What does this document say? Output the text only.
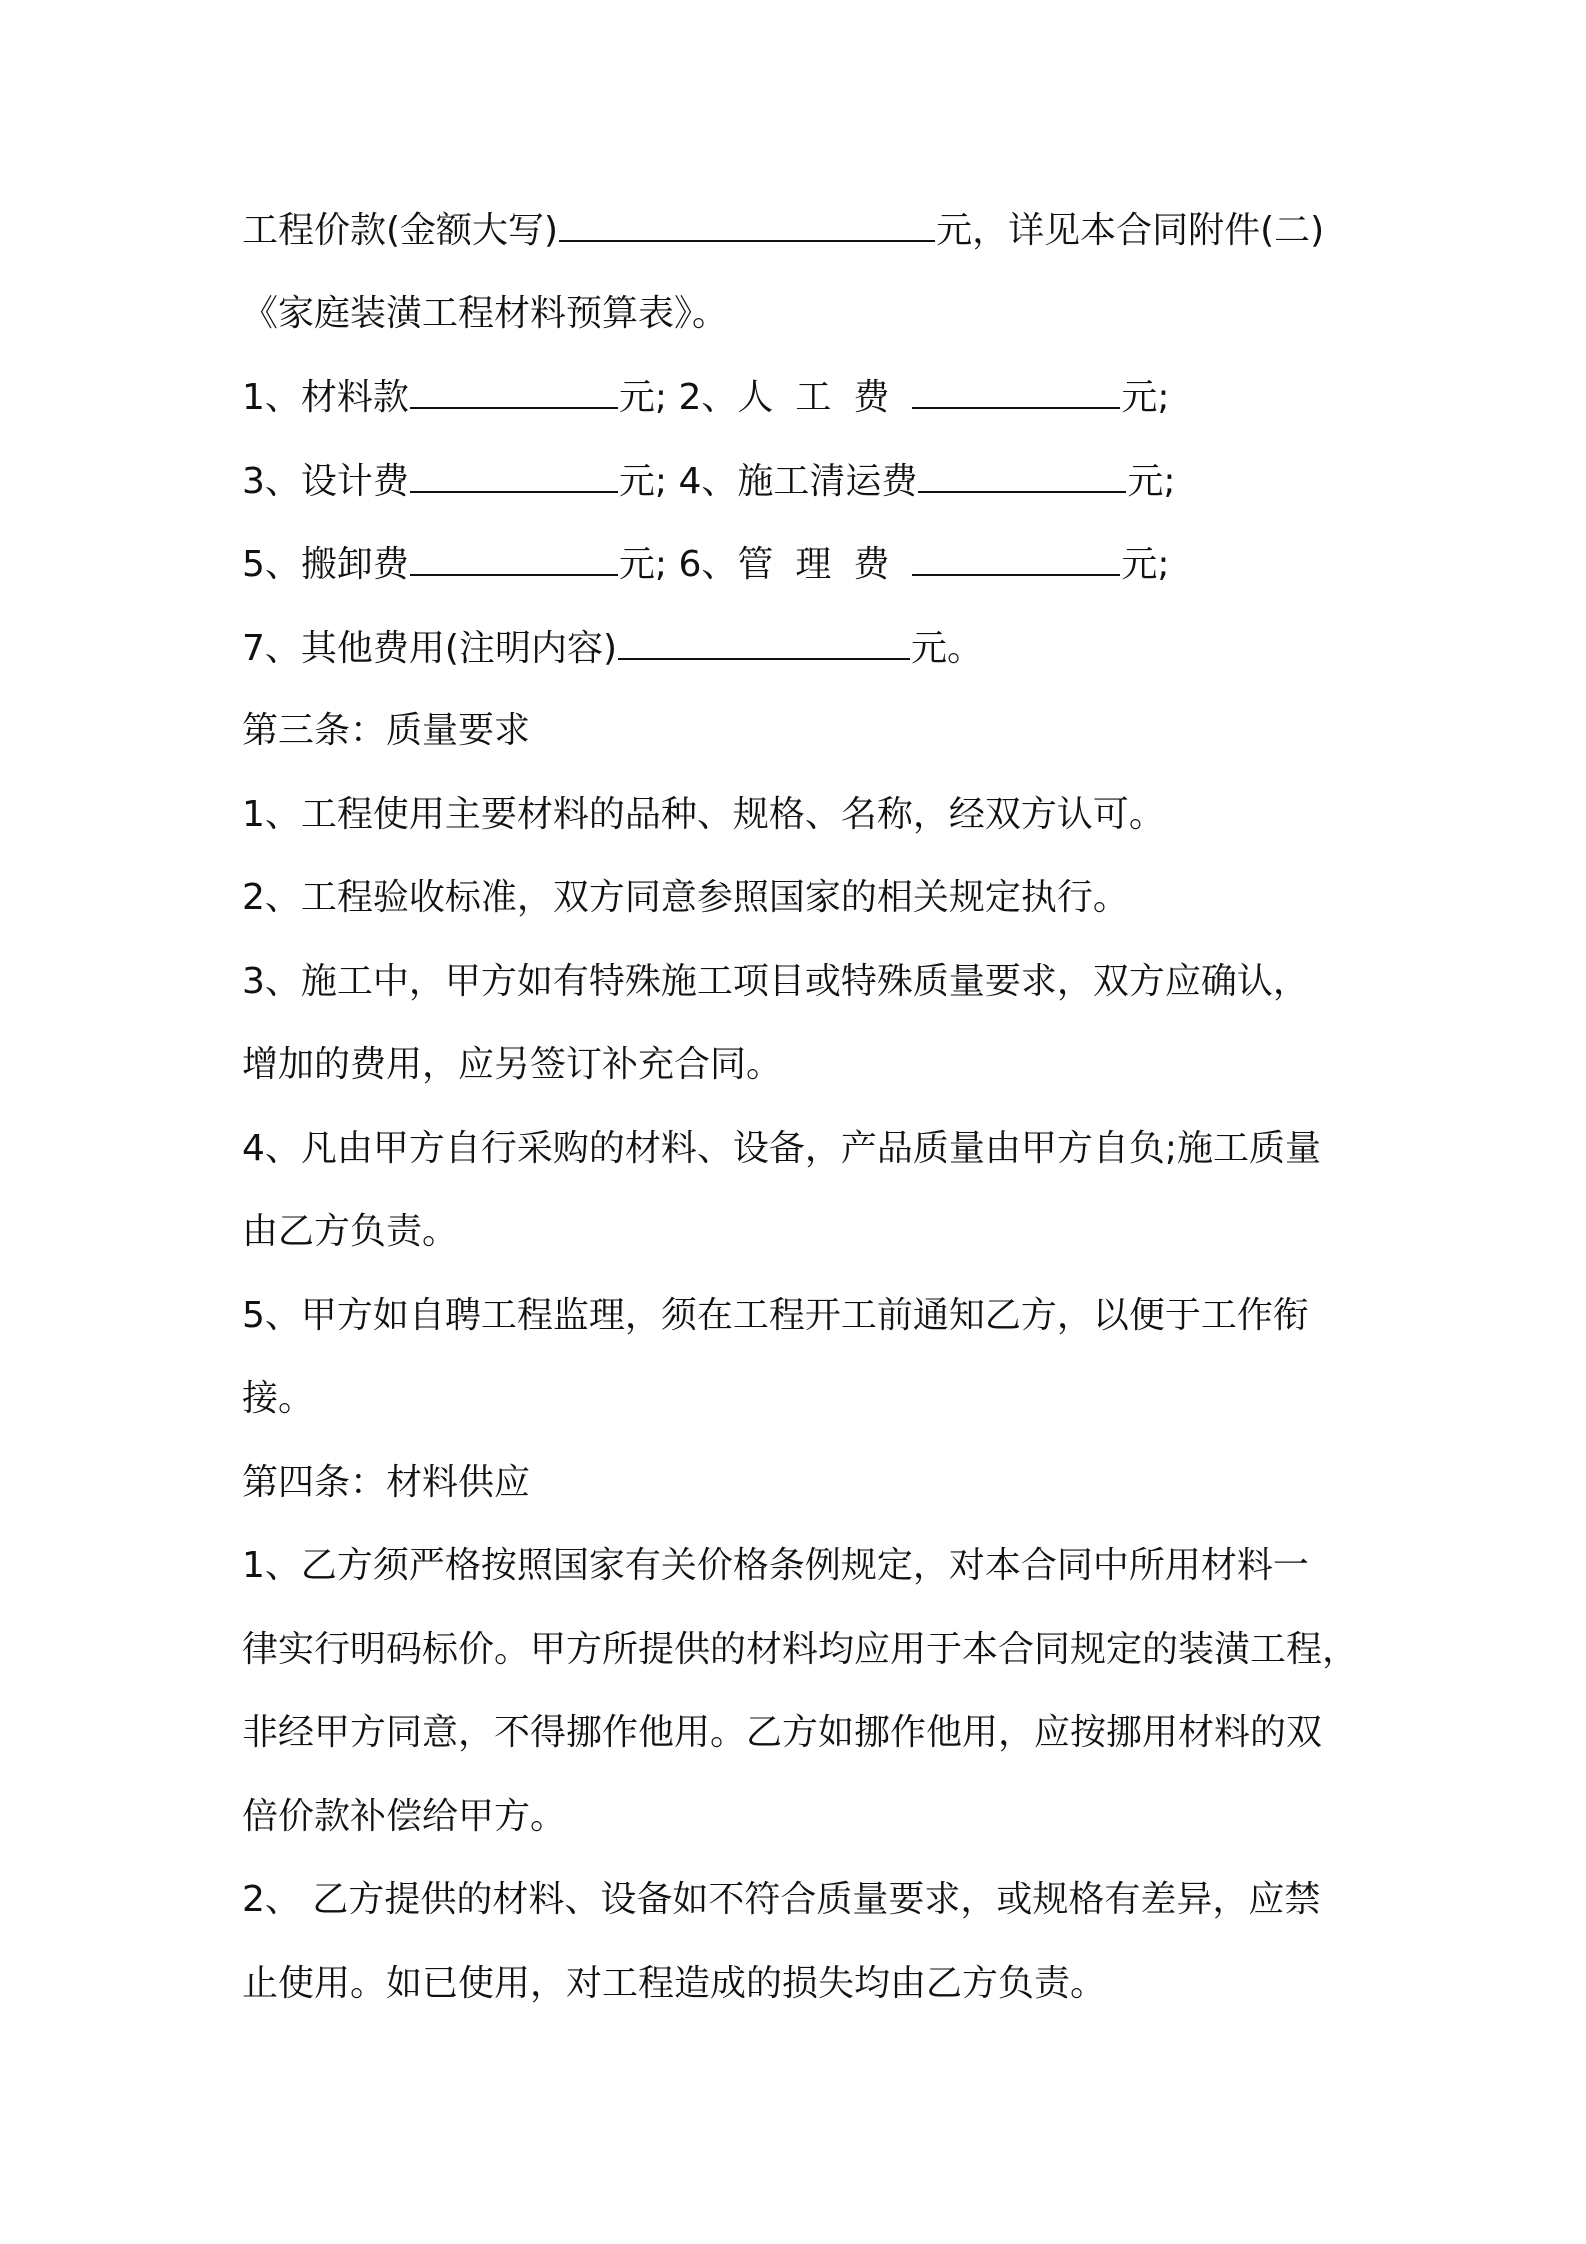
工程价款(金额大写)	元，详见本合同附件(二)
《家庭装潢工程材料预算表》。
1、材料款	元; 2、人工费	元;
3、设计费	元; 4、施工清运费	元;
5、搬卸费	元; 6、管理费	元;
7、其他费用(注明内容)	元。
第三条：质量要求
1、工程使用主要材料的品种、规格、名称，经双方认可。
2、工程验收标准，双方同意参照国家的相关规定执行。
3、施工中，甲方如有特殊施工项目或特殊质量要求，双方应确认，
增加的费用，应另签订补充合同。
4、凡由甲方自行采购的材料、设备，产品质量由甲方自负;施工质量
由乙方负责。
5、甲方如自聘工程监理，须在工程开工前通知乙方，以便于工作衔
接。
第四条：材料供应
1、乙方须严格按照国家有关价格条例规定，对本合同中所用材料一
律实行明码标价。甲方所提供的材料均应用于本合同规定的装潢工程，
非经甲方同意，不得挪作他用。乙方如挪作他用，应按挪用材料的双
倍价款补偿给甲方。
2、 乙方提供的材料、设备如不符合质量要求，或规格有差异，应禁
止使用。如已使用，对工程造成的损失均由乙方负责。
